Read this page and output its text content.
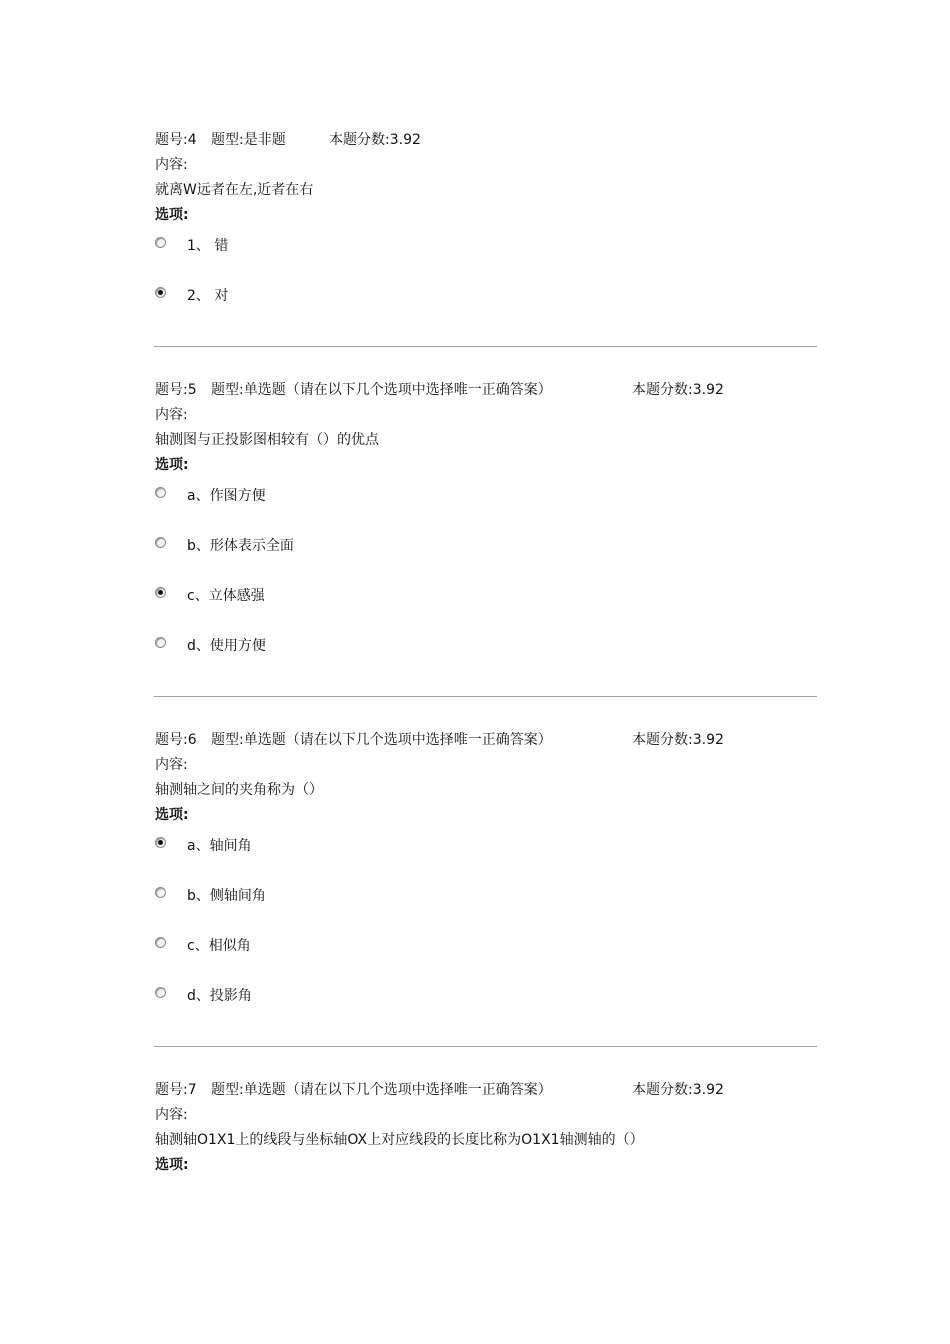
题号:4 题型:是非题	本题分数:3.92
内容:
就离W远者在左,近者在右
选项:
1、 错
2、 对
题号:5 题型:单选题（请在以下几个选项中选择唯一正确答案）	本题分数:3.92
内容:
轴测图与正投影图相较有（）的优点
选项:
a、作图方便
b、形体表示全面
c、立体感强
d、使用方便
题号:6 题型:单选题（请在以下几个选项中选择唯一正确答案）	本题分数:3.92
内容:
轴测轴之间的夹角称为（）
选项:
a、轴间角
b、侧轴间角
c、相似角
d、投影角
题号:7 题型:单选题（请在以下几个选项中选择唯一正确答案）	本题分数:3.92
内容:
轴测轴O1X1上的线段与坐标轴OX上对应线段的长度比称为O1X1轴测轴的（）
选项:
